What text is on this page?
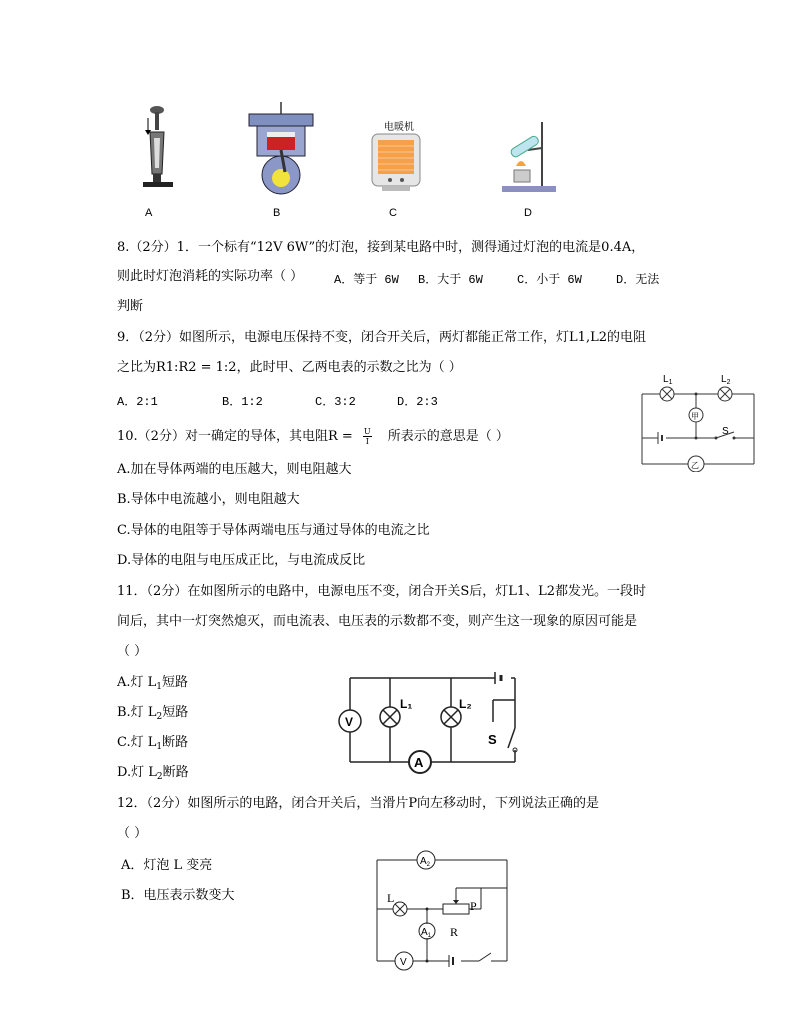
电暖机
A	B	C	D
8.（2分）1．一个标有“12V 6W”的灯泡，接到某电路中时，测得通过灯泡的电流是0.4A，
则此时灯泡消耗的实际功率（ ）	A．等于 6W B．大于 6W	C．小于 6W	D．无法
判断
9．（2分）如图所示，电源电压保持不变，闭合开关后，两灯都能正常工作，灯L1,L2的电阻
之比为R1:R2 = 1:2，此时甲、乙两电表的示数之比为（ ）
A．2:1	B．1:2	C．3:2	D．2:3
$L_1$	$L_2$
甲
乙
S
10.（2分）对一确定的导体，其电阻$R = \frac{U}{I}$ 所表示的意思是（ ）
A.加在导体两端的电压越大，则电阻越大
B.导体中电流越小，则电阻越大
C.导体的电阻等于导体两端电压与通过导体的电流之比
D.导体的电阻与电压成正比，与电流成反比
11．（2分）在如图所示的电路中，电源电压不变，闭合开关S后，灯L1、L2都发光。一段时
间后，其中一灯突然熄灭，而电流表、电压表的示数都不变，则产生这一现象的原因可能是
（ ）
A.灯 $L_1$短路
B.灯 $L_2$短路
C.灯 $L_1$断路
D.灯 $L_2$断路
V
A
L₁	L₂
S
12．（2分）如图所示的电路，闭合开关后，当滑片P向左移动时，下列说法正确的是
（ ）
A．灯泡 L 变亮
B．电压表示数变大
$A_2$
$A_1$
L
P
R
V
